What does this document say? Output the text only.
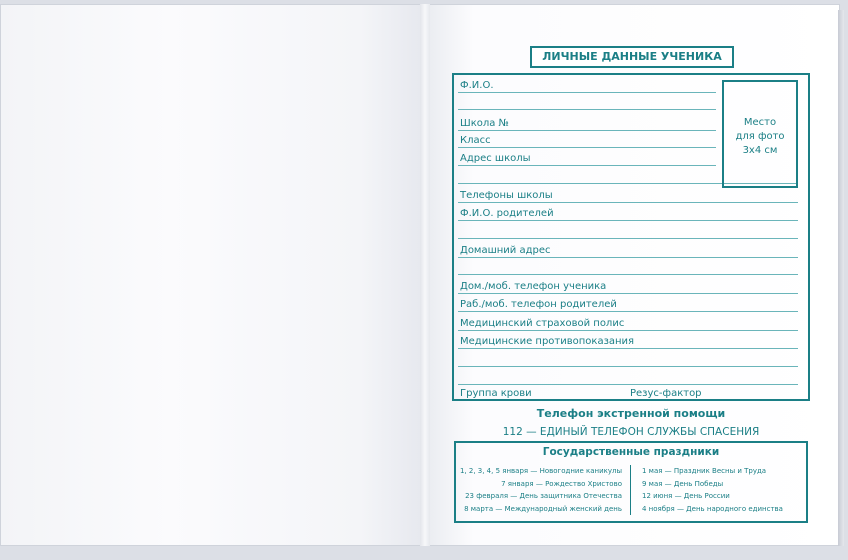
ЛИЧНЫЕ ДАННЫЕ УЧЕНИКА
Ф.И.О.
Школа №
Класс
Адрес школы
Телефоны школы
Ф.И.О. родителей
Домашний адрес
Дом./моб. телефон ученика
Раб./моб. телефон родителей
Медицинский страховой полис
Медицинские противопоказания
Группа крови	Резус-фактор
Место
для фото
3х4 см
Телефон экстренной помощи
112 — ЕДИНЫЙ ТЕЛЕФОН СЛУЖБЫ СПАСЕНИЯ
Государственные праздники
1, 2, 3, 4, 5 января — Новогодние каникулы
7 января — Рождество Христово
23 февраля — День защитника Отечества
8 марта — Международный женский день
1 мая — Праздник Весны и Труда
9 мая — День Победы
12 июня — День России
4 ноября — День народного единства
